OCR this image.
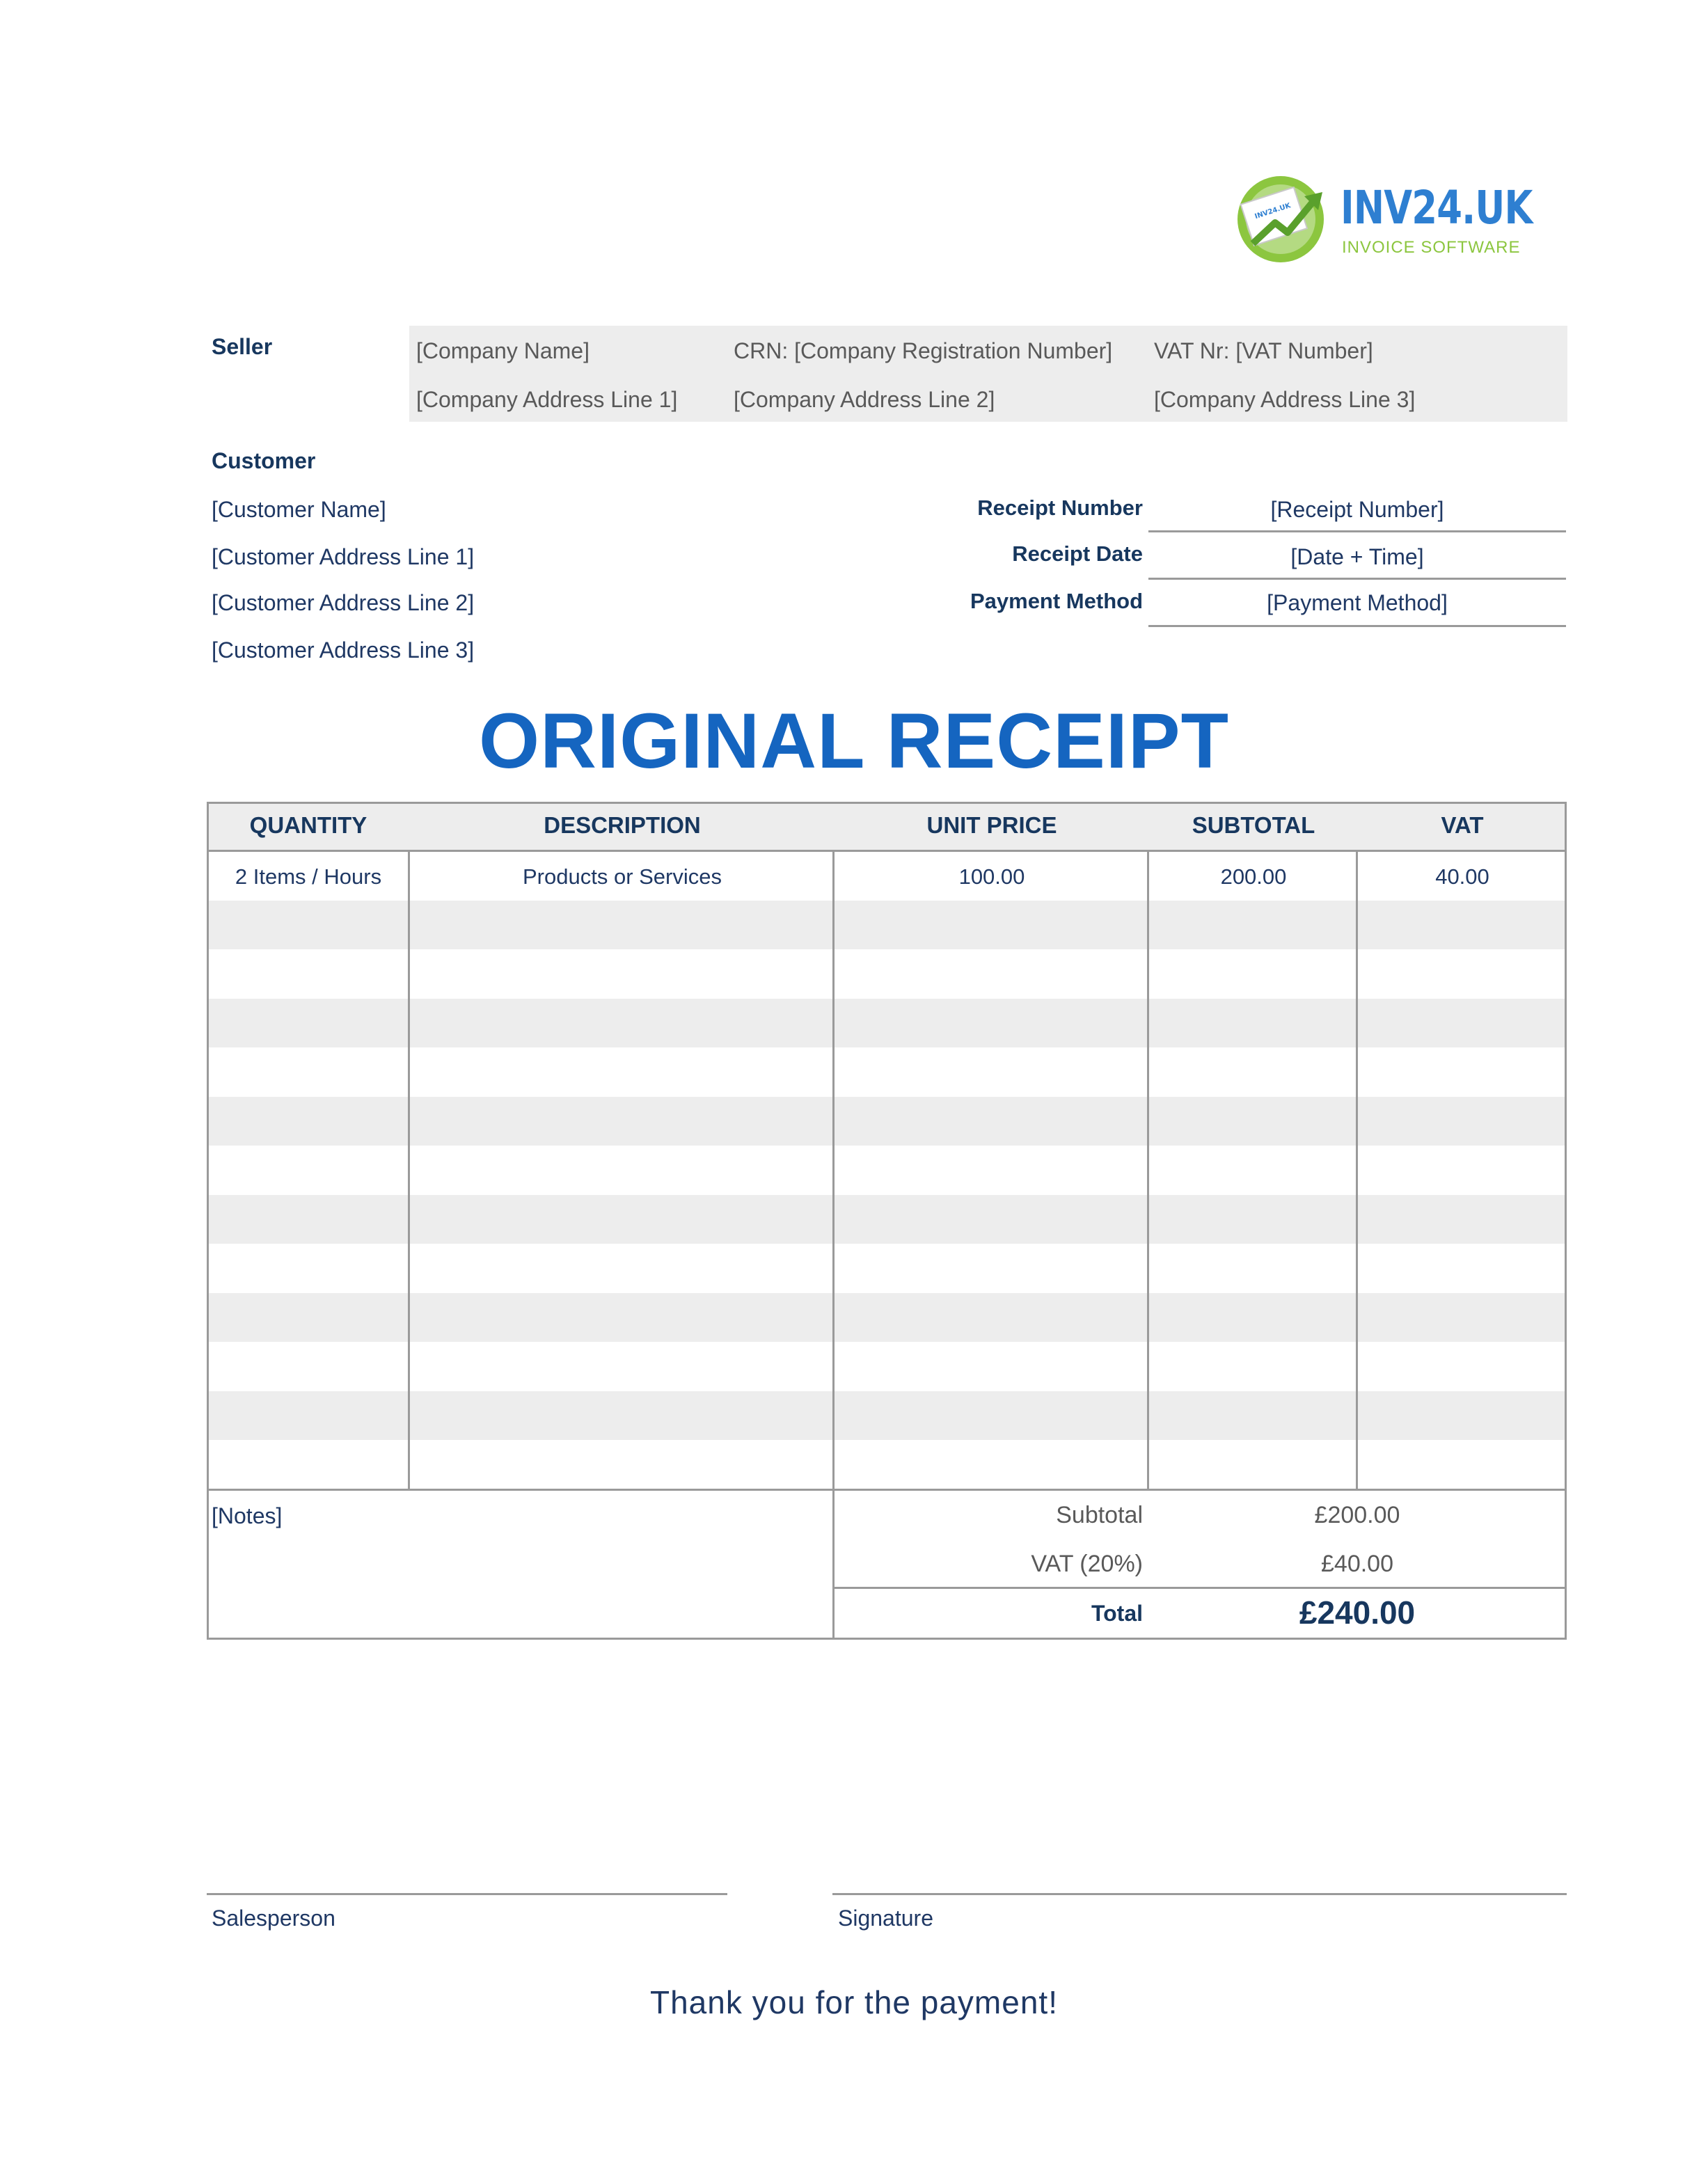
INV24.UK INV24.UK
INVOICE SOFTWARE
Seller	[Company Name]	CRN: [Company Registration Number] VAT Nr: [VAT Number]
[Company Address Line 1]	[Company Address Line 2]	[Company Address Line 3]
Customer
[Customer Name]
[Customer Address Line 1]
[Customer Address Line 2]
[Customer Address Line 3]
Receipt Number	[Receipt Number]
Receipt Date	[Date + Time]
Payment Method	[Payment Method]
ORIGINAL RECEIPT
QUANTITY	DESCRIPTION	UNIT PRICE	SUBTOTAL	VAT
2 Items / Hours	Products or Services	100.00	200.00	40.00
[Notes]	Subtotal	£200.00
VAT (20%)	£40.00
Total	£240.00
Salesperson	Signature
Thank you for the payment!
